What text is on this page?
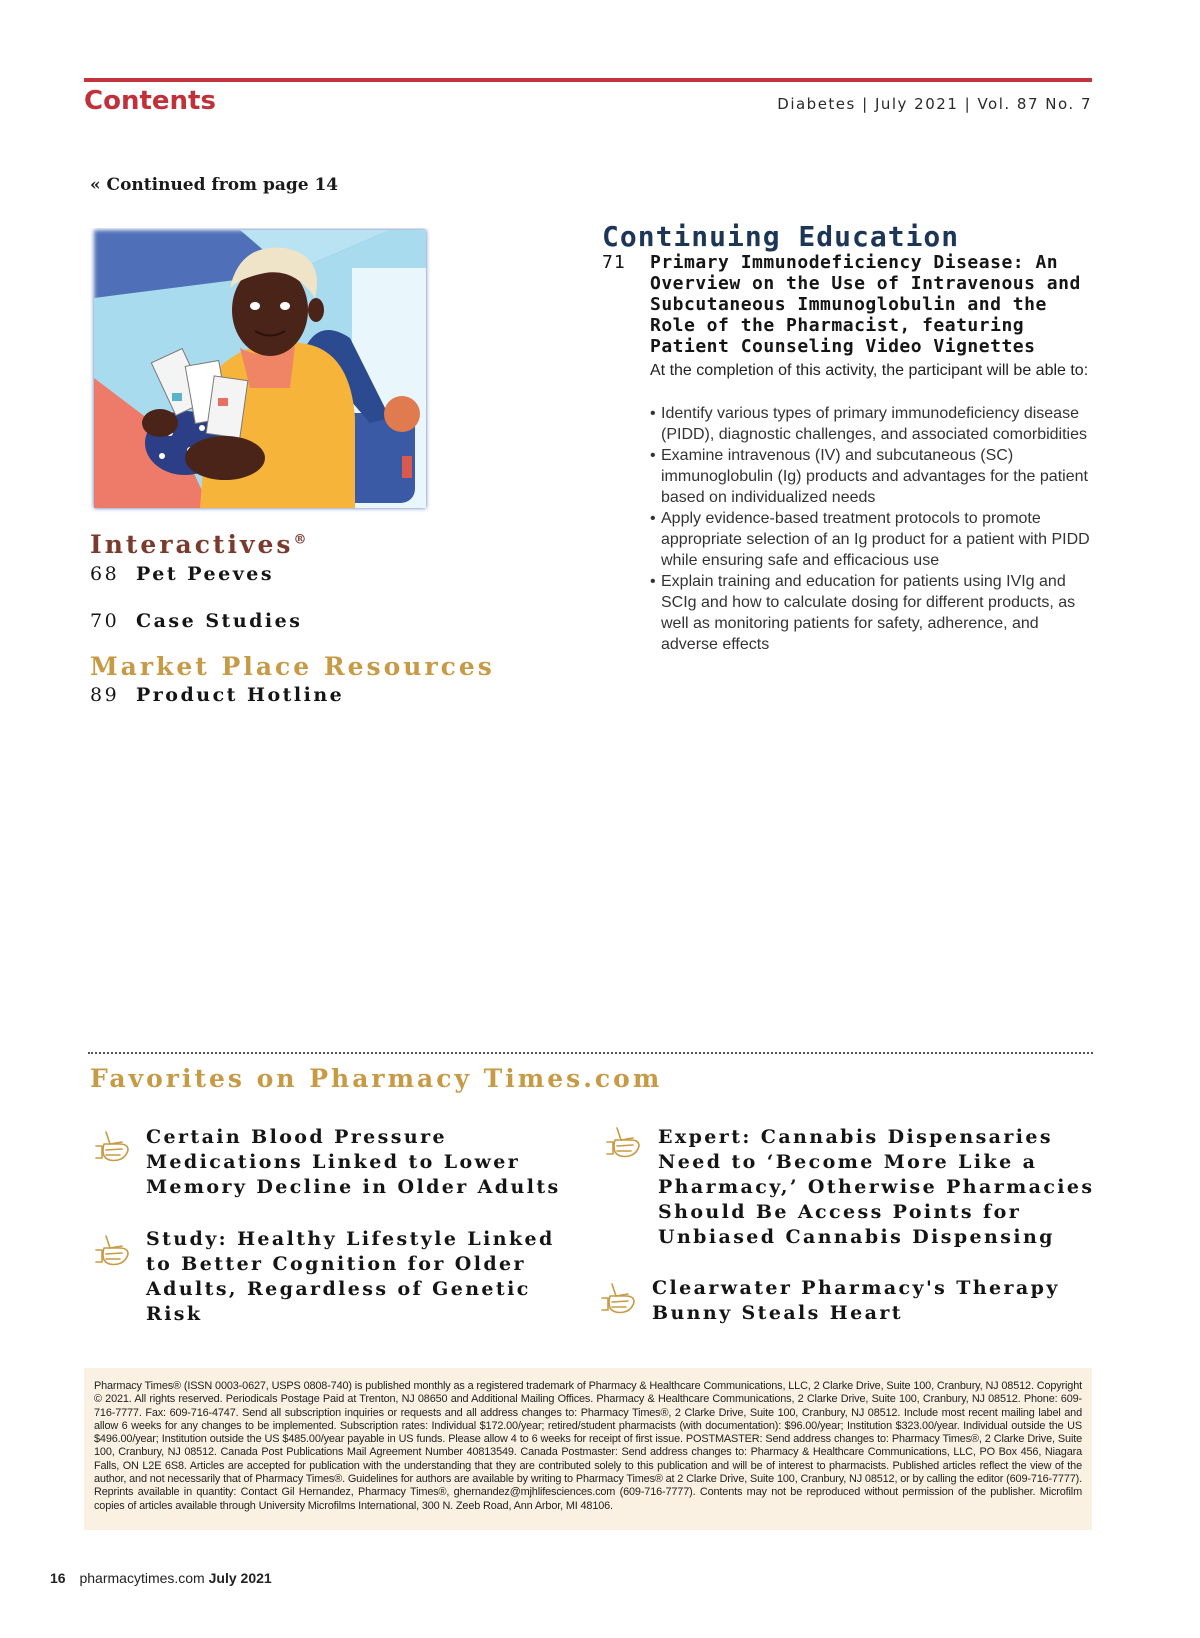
Contents	Diabetes | July 2021 | Vol. 87 No. 7
« Continued from page 14
Interactives®
68 Pet Peeves
70 Case Studies
Market Place Resources
89 Product Hotline
Continuing Education
71 Primary Immunodeficiency Disease: An Overview on the Use of Intravenous and Subcutaneous Immunoglobulin and the Role of the Pharmacist, featuring Patient Counseling Video Vignettes
At the completion of this activity, the participant will be able to:
• Identify various types of primary immunodeficiency disease (PIDD), diagnostic challenges, and associated comorbidities
• Examine intravenous (IV) and subcutaneous (SC) immunoglobulin (Ig) products and advantages for the patient based on individualized needs
• Apply evidence-based treatment protocols to promote appropriate selection of an Ig product for a patient with PIDD while ensuring safe and efficacious use
• Explain training and education for patients using IVIg and SCIg and how to calculate dosing for different products, as well as monitoring patients for safety, adherence, and adverse effects
Favorites on Pharmacy Times.com
Certain Blood Pressure Medications Linked to Lower Memory Decline in Older Adults
Study: Healthy Lifestyle Linked to Better Cognition for Older Adults, Regardless of Genetic Risk
Expert: Cannabis Dispensaries Need to ‘Become More Like a Pharmacy,’ Otherwise Pharmacies Should Be Access Points for Unbiased Cannabis Dispensing
Clearwater Pharmacy's Therapy Bunny Steals Heart

Pharmacy Times® (ISSN 0003-0627, USPS 0808-740) is published monthly as a registered trademark of Pharmacy & Healthcare Communications, LLC, 2 Clarke Drive, Suite 100, Cranbury, NJ 08512. Copyright © 2021. All rights reserved. Periodicals Postage Paid at Trenton, NJ 08650 and Additional Mailing Offices. Pharmacy & Healthcare Communications, 2 Clarke Drive, Suite 100, Cranbury, NJ 08512. Phone: 609-716-7777. Fax: 609-716-4747. Send all subscription inquiries or requests and all address changes to: Pharmacy Times®, 2 Clarke Drive, Suite 100, Cranbury, NJ 08512. Include most recent mailing label and allow 6 weeks for any changes to be implemented. Subscription rates: Individual $172.00/year; retired/student pharmacists (with documentation): $96.00/year; Institution $323.00/year. Individual outside the US $496.00/year; Institution outside the US $485.00/year payable in US funds. Please allow 4 to 6 weeks for receipt of first issue. POSTMASTER: Send address changes to: Pharmacy Times®, 2 Clarke Drive, Suite 100, Cranbury, NJ 08512. Canada Post Publications Mail Agreement Number 40813549. Canada Postmaster: Send address changes to: Pharmacy & Healthcare Communications, LLC, PO Box 456, Niagara Falls, ON L2E 6S8. Articles are accepted for publication with the understanding that they are contributed solely to this publication and will be of interest to pharmacists. Published articles reflect the view of the author, and not necessarily that of Pharmacy Times®. Guidelines for authors are available by writing to Pharmacy Times® at 2 Clarke Drive, Suite 100, Cranbury, NJ 08512, or by calling the editor (609-716-7777). Reprints available in quantity: Contact Gil Hernandez, Pharmacy Times®, ghernandez@mjhlifesciences.com (609-716-7777). Contents may not be reproduced without permission of the publisher. Microfilm copies of articles available through University Microfilms International, 300 N. Zeeb Road, Ann Arbor, MI 48106.

16 pharmacytimes.com July 2021
